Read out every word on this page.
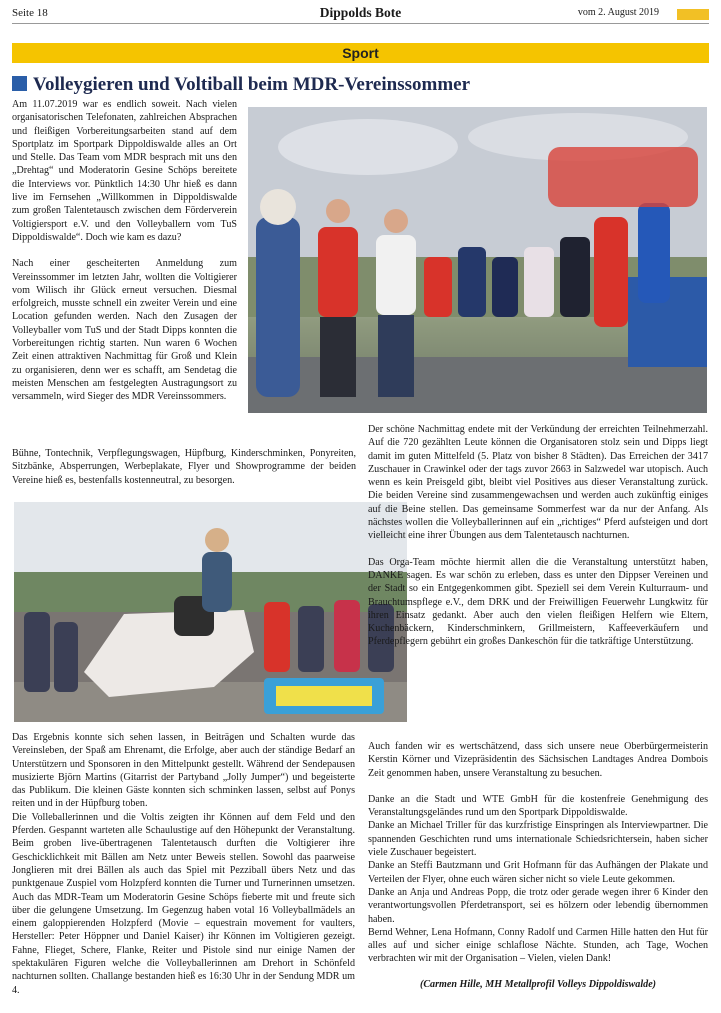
Seite 18	Dippolds Bote	vom 2. August 2019
Sport
Volleygieren und Voltiball beim MDR-Vereinssommer

Am 11.07.2019 war es endlich soweit. Nach vielen organisatorischen Telefonaten, zahlreichen Absprachen und fleißigen Vorbereitungsarbeiten stand auf dem Sportplatz im Sportpark Dippoldiswalde alles an Ort und Stelle. Das Team vom MDR besprach mit uns den „Drehtag“ und Moderatorin Gesine Schöps bereitete die Interviews vor. Pünktlich 14:30 Uhr hieß es dann live im Fernsehen „Willkommen in Dippoldiswalde zum großen Talentetausch zwischen dem Förderverein Voltigiersport e.V. und den Volleyballern vom TuS Dippoldiswalde“. Doch wie kam es dazu?

Nach einer gescheiterten Anmeldung zum Vereinssommer im letzten Jahr, wollten die Voltigierer vom Wilisch ihr Glück erneut versuchen. Diesmal erfolgreich, musste schnell ein zweiter Verein und eine Location gefunden werden. Nach den Zusagen der Volleyballer vom TuS und der Stadt Dipps konnten die Vorbereitungen richtig starten. Nun waren 6 Wochen Zeit einen attraktiven Nachmittag für Groß und Klein zu organisieren, denn wer es schafft, am Sendetag die meisten Menschen am festgelegten Austragungsort zu versammeln, wird Sieger des MDR Vereinssommers.

Bühne, Tontechnik, Verpflegungswagen, Hüpfburg, Kinderschminken, Ponyreiten, Sitzbänke, Absperrungen, Werbeplakate, Flyer und Showprogramme der beiden Vereine hieß es, bestenfalls kostenneutral, zu besorgen.

Das Ergebnis konnte sich sehen lassen, in Beiträgen und Schalten wurde das Vereinsleben, der Spaß am Ehrenamt, die Erfolge, aber auch der ständige Bedarf an Unterstützern und Sponsoren in den Mittelpunkt gestellt. Während der Sendepausen musizierte Björn Martins (Gitarrist der Partyband „Jolly Jumper“) und begeisterte das Publikum. Die kleinen Gäste konnten sich schminken lassen, selbst auf Ponys reiten und in der Hüpfburg toben.

Die Volleballerinnen und die Voltis zeigten ihr Können auf dem Feld und den Pferden. Gespannt warteten alle Schaulustige auf den Höhepunkt der Veranstaltung. Beim groben live-übertragenen Talentetausch durften die Voltigierer ihre Geschicklichkeit mit Bällen am Netz unter Beweis stellen. Sowohl das paarweise Jonglieren mit drei Bällen als auch das Spiel mit Pezziball übers Netz und das punktgenaue Zuspiel vom Holzpferd konnten die Turner und Turnerinnen umsetzen. Auch das MDR-Team um Moderatorin Gesine Schöps fieberte mit und freute sich über die gelungene Umsetzung. Im Gegenzug haben votal 16 Volleyballmädels an einem galoppierenden Holzpferd (Movie – equestrain movement for vaulters, Hersteller: Peter Höppner und Daniel Kaiser) ihr Können im Voltigieren gezeigt. Fahne, Flieget, Schere, Flanke, Reiter und Pistole sind nur einige Namen der spektakulären Figuren welche die Volleyballerinnen am Drehort in Schönfeld nachturnen sollten. Challange bestanden hieß es 16:30 Uhr in der Sendung MDR um 4.

Der schöne Nachmittag endete mit der Verkündung der erreichten Teilnehmerzahl. Auf die 720 gezählten Leute können die Organisatoren stolz sein und Dipps liegt damit im guten Mittelfeld (5. Platz von bisher 8 Städten). Das Erreichen der 3417 Zuschauer in Crawinkel oder der tags zuvor 2663 in Salzwedel war utopisch. Auch wenn es kein Preisgeld gibt, bleibt viel Positives aus dieser Veranstaltung zurück. Die beiden Vereine sind zusammengewachsen und werden auch zukünftig einiges auf die Beine stellen. Das gemeinsame Sommerfest war da nur der Anfang. Als nächstes wollen die Volleyballerinnen auf ein „richtiges“ Pferd aufsteigen und dort vielleicht eine ihrer Übungen aus dem Talentetausch nachturnen.

Das Orga-Team möchte hiermit allen die die Veranstaltung unterstützt haben, DANKE sagen. Es war schön zu erleben, dass es unter den Dippser Vereinen und der Stadt so ein Entgegenkommen gibt. Speziell sei dem Verein Kulturraum- und Brauchtumspflege e.V., dem DRK und der Freiwilligen Feuerwehr Lungkwitz für ihren Einsatz gedankt. Aber auch den vielen fleißigen Helfern wie Eltern, Kuchenbäckern, Kinderschminkern, Grillmeistern, Kaffeeverkäufern und Pferdepflegern gebührt ein großes Dankeschön für die tatkräftige Unterstützung.

Auch fanden wir es wertschätzend, dass sich unsere neue Oberbürgermeisterin Kerstin Körner und Vizepräsidentin des Sächsischen Landtages Andrea Dombois Zeit genommen haben, unsere Veranstaltung zu besuchen.

Danke an die Stadt und WTE GmbH für die kostenfreie Genehmigung des Veranstaltungsgeländes rund um den Sportpark Dippoldiswalde.

Danke an Michael Triller für das kurzfristige Einspringen als Interviewpartner. Die spannenden Geschichten rund ums internationale Schiedsrichtersein, haben sicher viele Zuschauer begeistert.

Danke an Steffi Bautzmann und Grit Hofmann für das Aufhängen der Plakate und Verteilen der Flyer, ohne euch wären sicher nicht so viele Leute gekommen.

Danke an Anja und Andreas Popp, die trotz oder gerade wegen ihrer 6 Kinder den verantwortungsvollen Pferdetransport, sei es hölzern oder lebendig übernommen haben.

Bernd Wehner, Lena Hofmann, Conny Radolf und Carmen Hille hatten den Hut für alles auf und sicher einige schlaflose Nächte. Stunden, ach Tage, Wochen verbrachten wir mit der Organisation – Vielen, vielen Dank!

(Carmen Hille, MH Metallprofil Volleys Dippoldiswalde)
